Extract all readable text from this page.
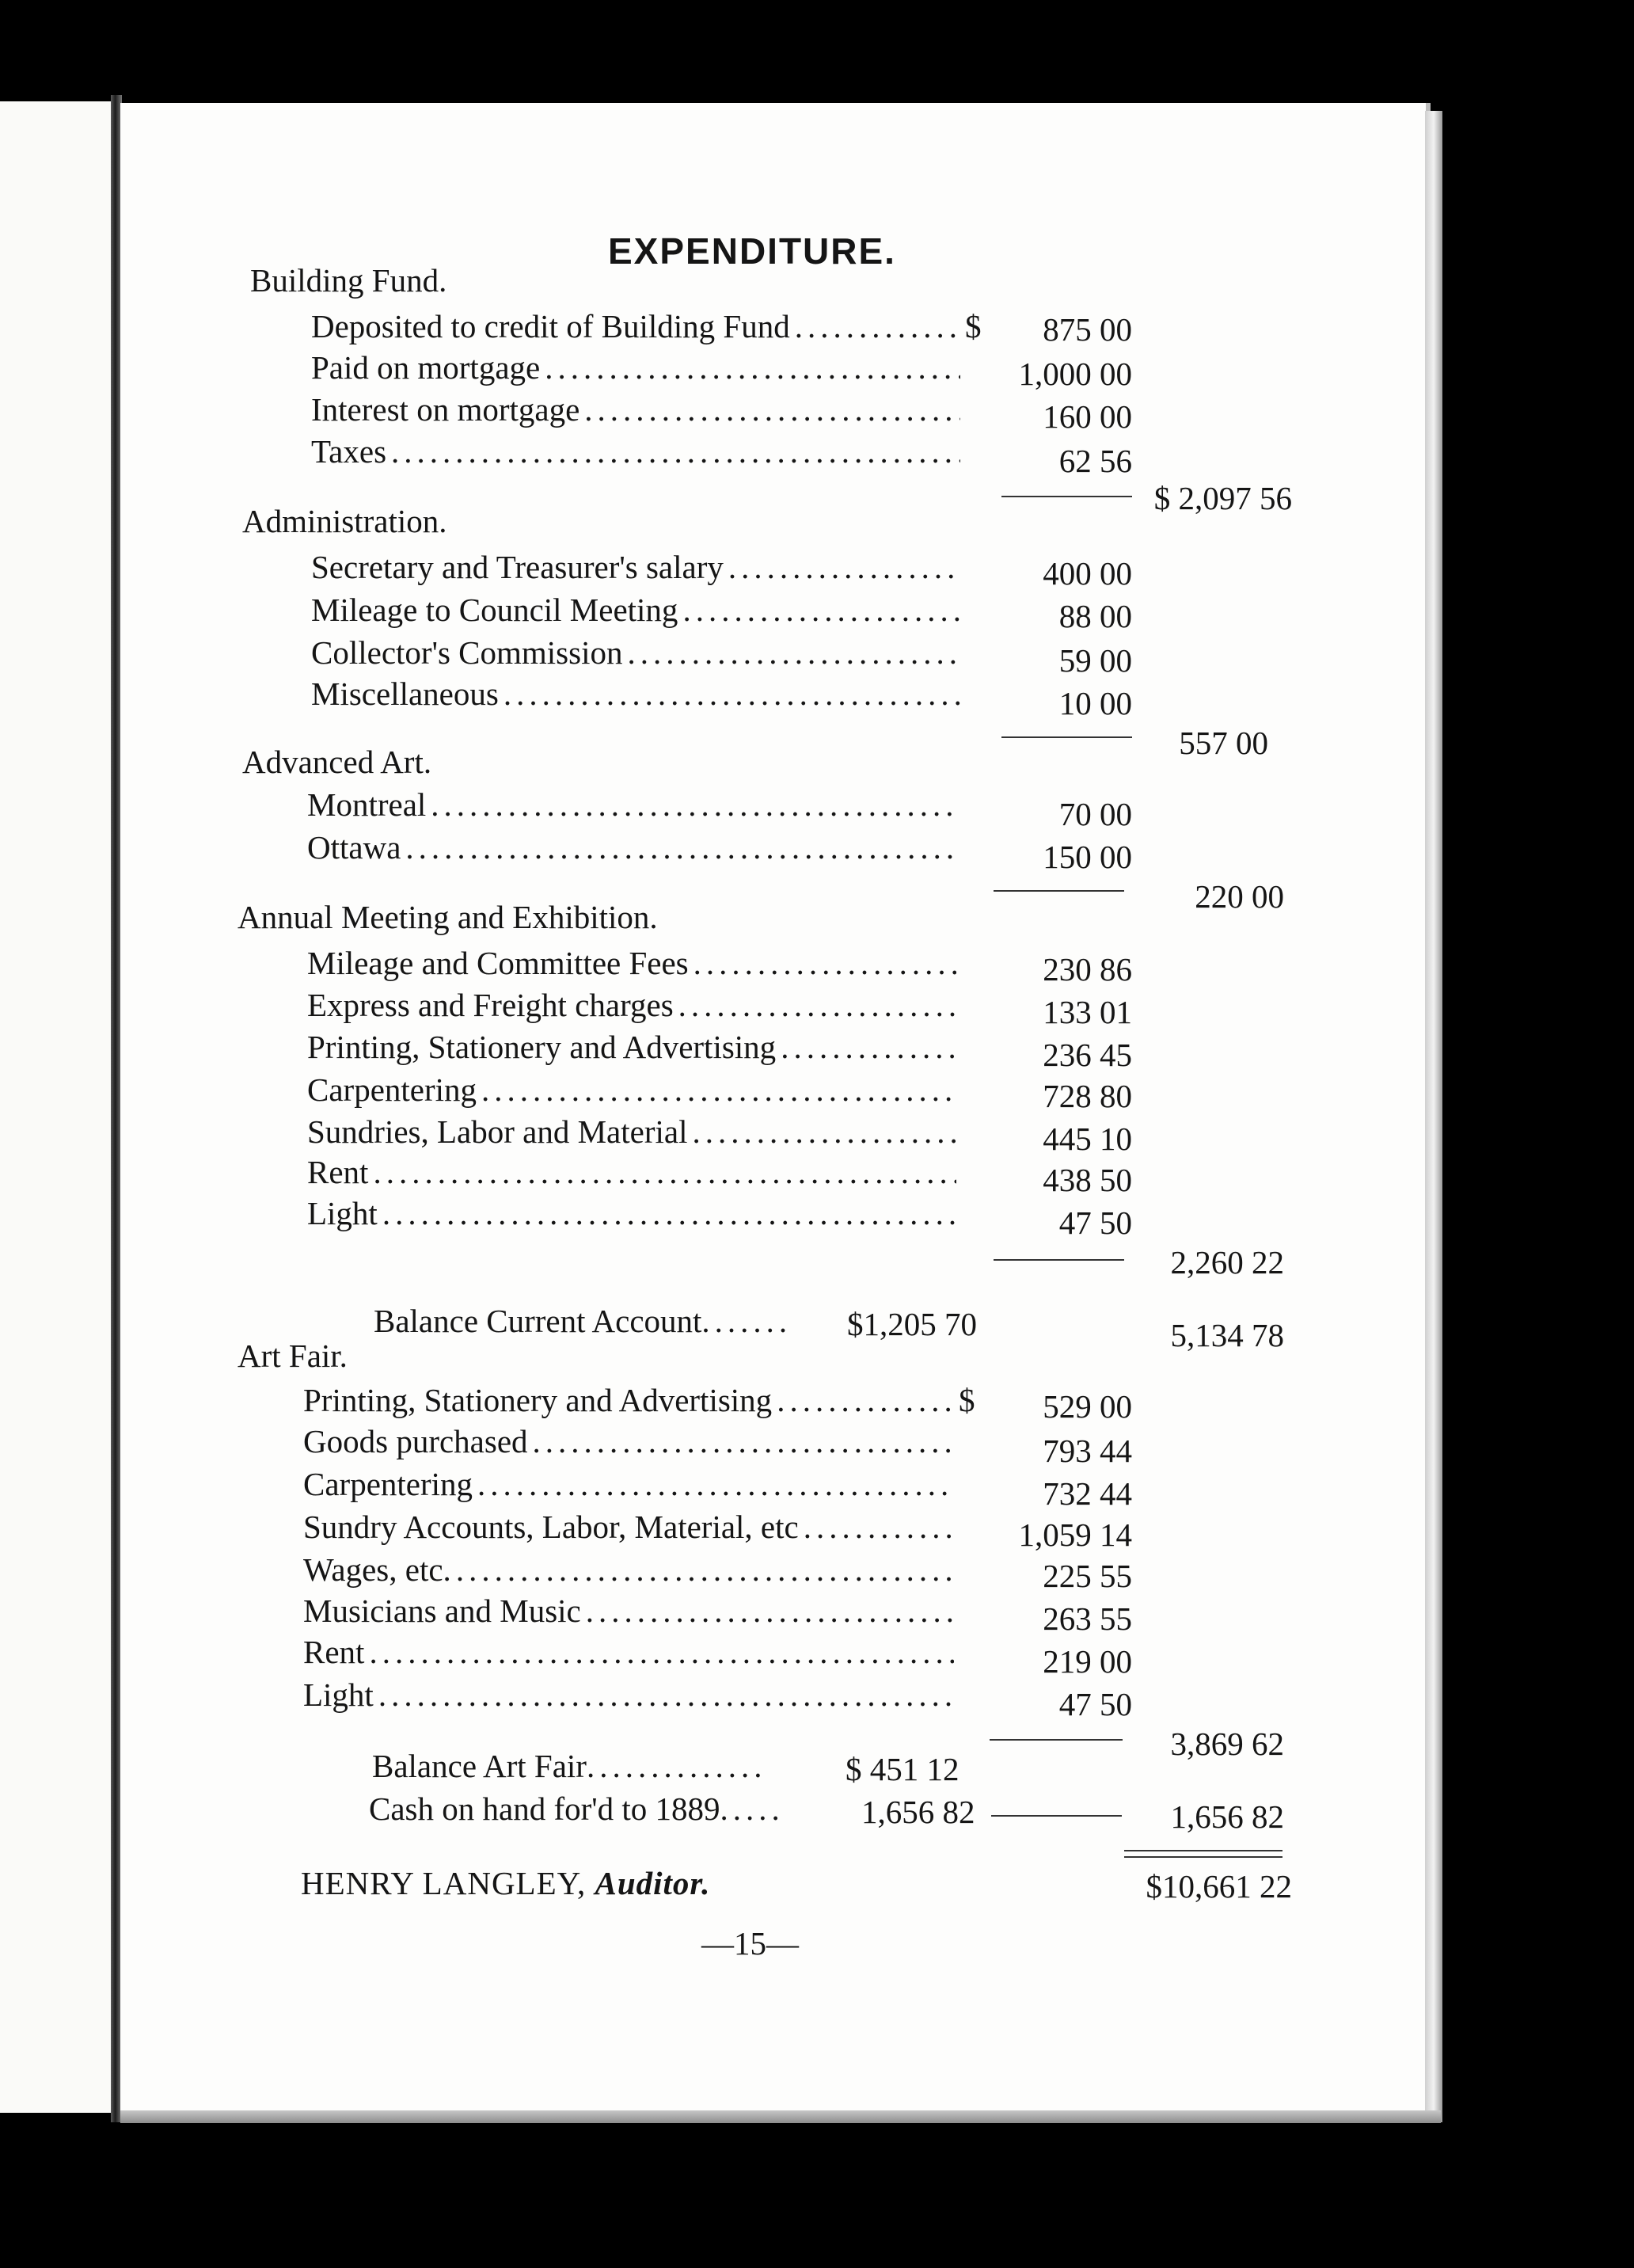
EXPENDITURE.
Building Fund.
Deposited to credit of Building Fund .....	$	875 00
Paid on mortgage .....	1,000 00
Interest on mortgage .....	160 00
Taxes .....	62 56
$ 2,097 56
Administration.
Secretary and Treasurer's salary .....	400 00
Mileage to Council Meeting .....	88 00
Collector's Commission .....	59 00
Miscellaneous .....	10 00
557 00
Advanced Art.
Montreal .....	70 00
Ottawa .....	150 00
220 00
Annual Meeting and Exhibition.
Mileage and Committee Fees .....	230 86
Express and Freight charges .....	133 01
Printing, Stationery and Advertising .....	236 45
Carpentering .....	728 80
Sundries, Labor and Material .....	445 10
Rent .....	438 50
Light .....	47 50
2,260 22
Balance Current Account....... $1,205 70	5,134 78
Art Fair.
Printing, Stationery and Advertising .....	$	529 00
Goods purchased .....	793 44
Carpentering .....	732 44
Sundry Accounts, Labor, Material, etc .....	1,059 14
Wages, etc. .....	225 55
Musicians and Music .....	263 55
Rent .....	219 00
Light .....	47 50
3,869 62
Balance Art Fair.............. $ 451 12
Cash on hand for'd to 1889..... 1,656 82	1,656 82
HENRY LANGLEY, Auditor.	$10,661 22
—15—
